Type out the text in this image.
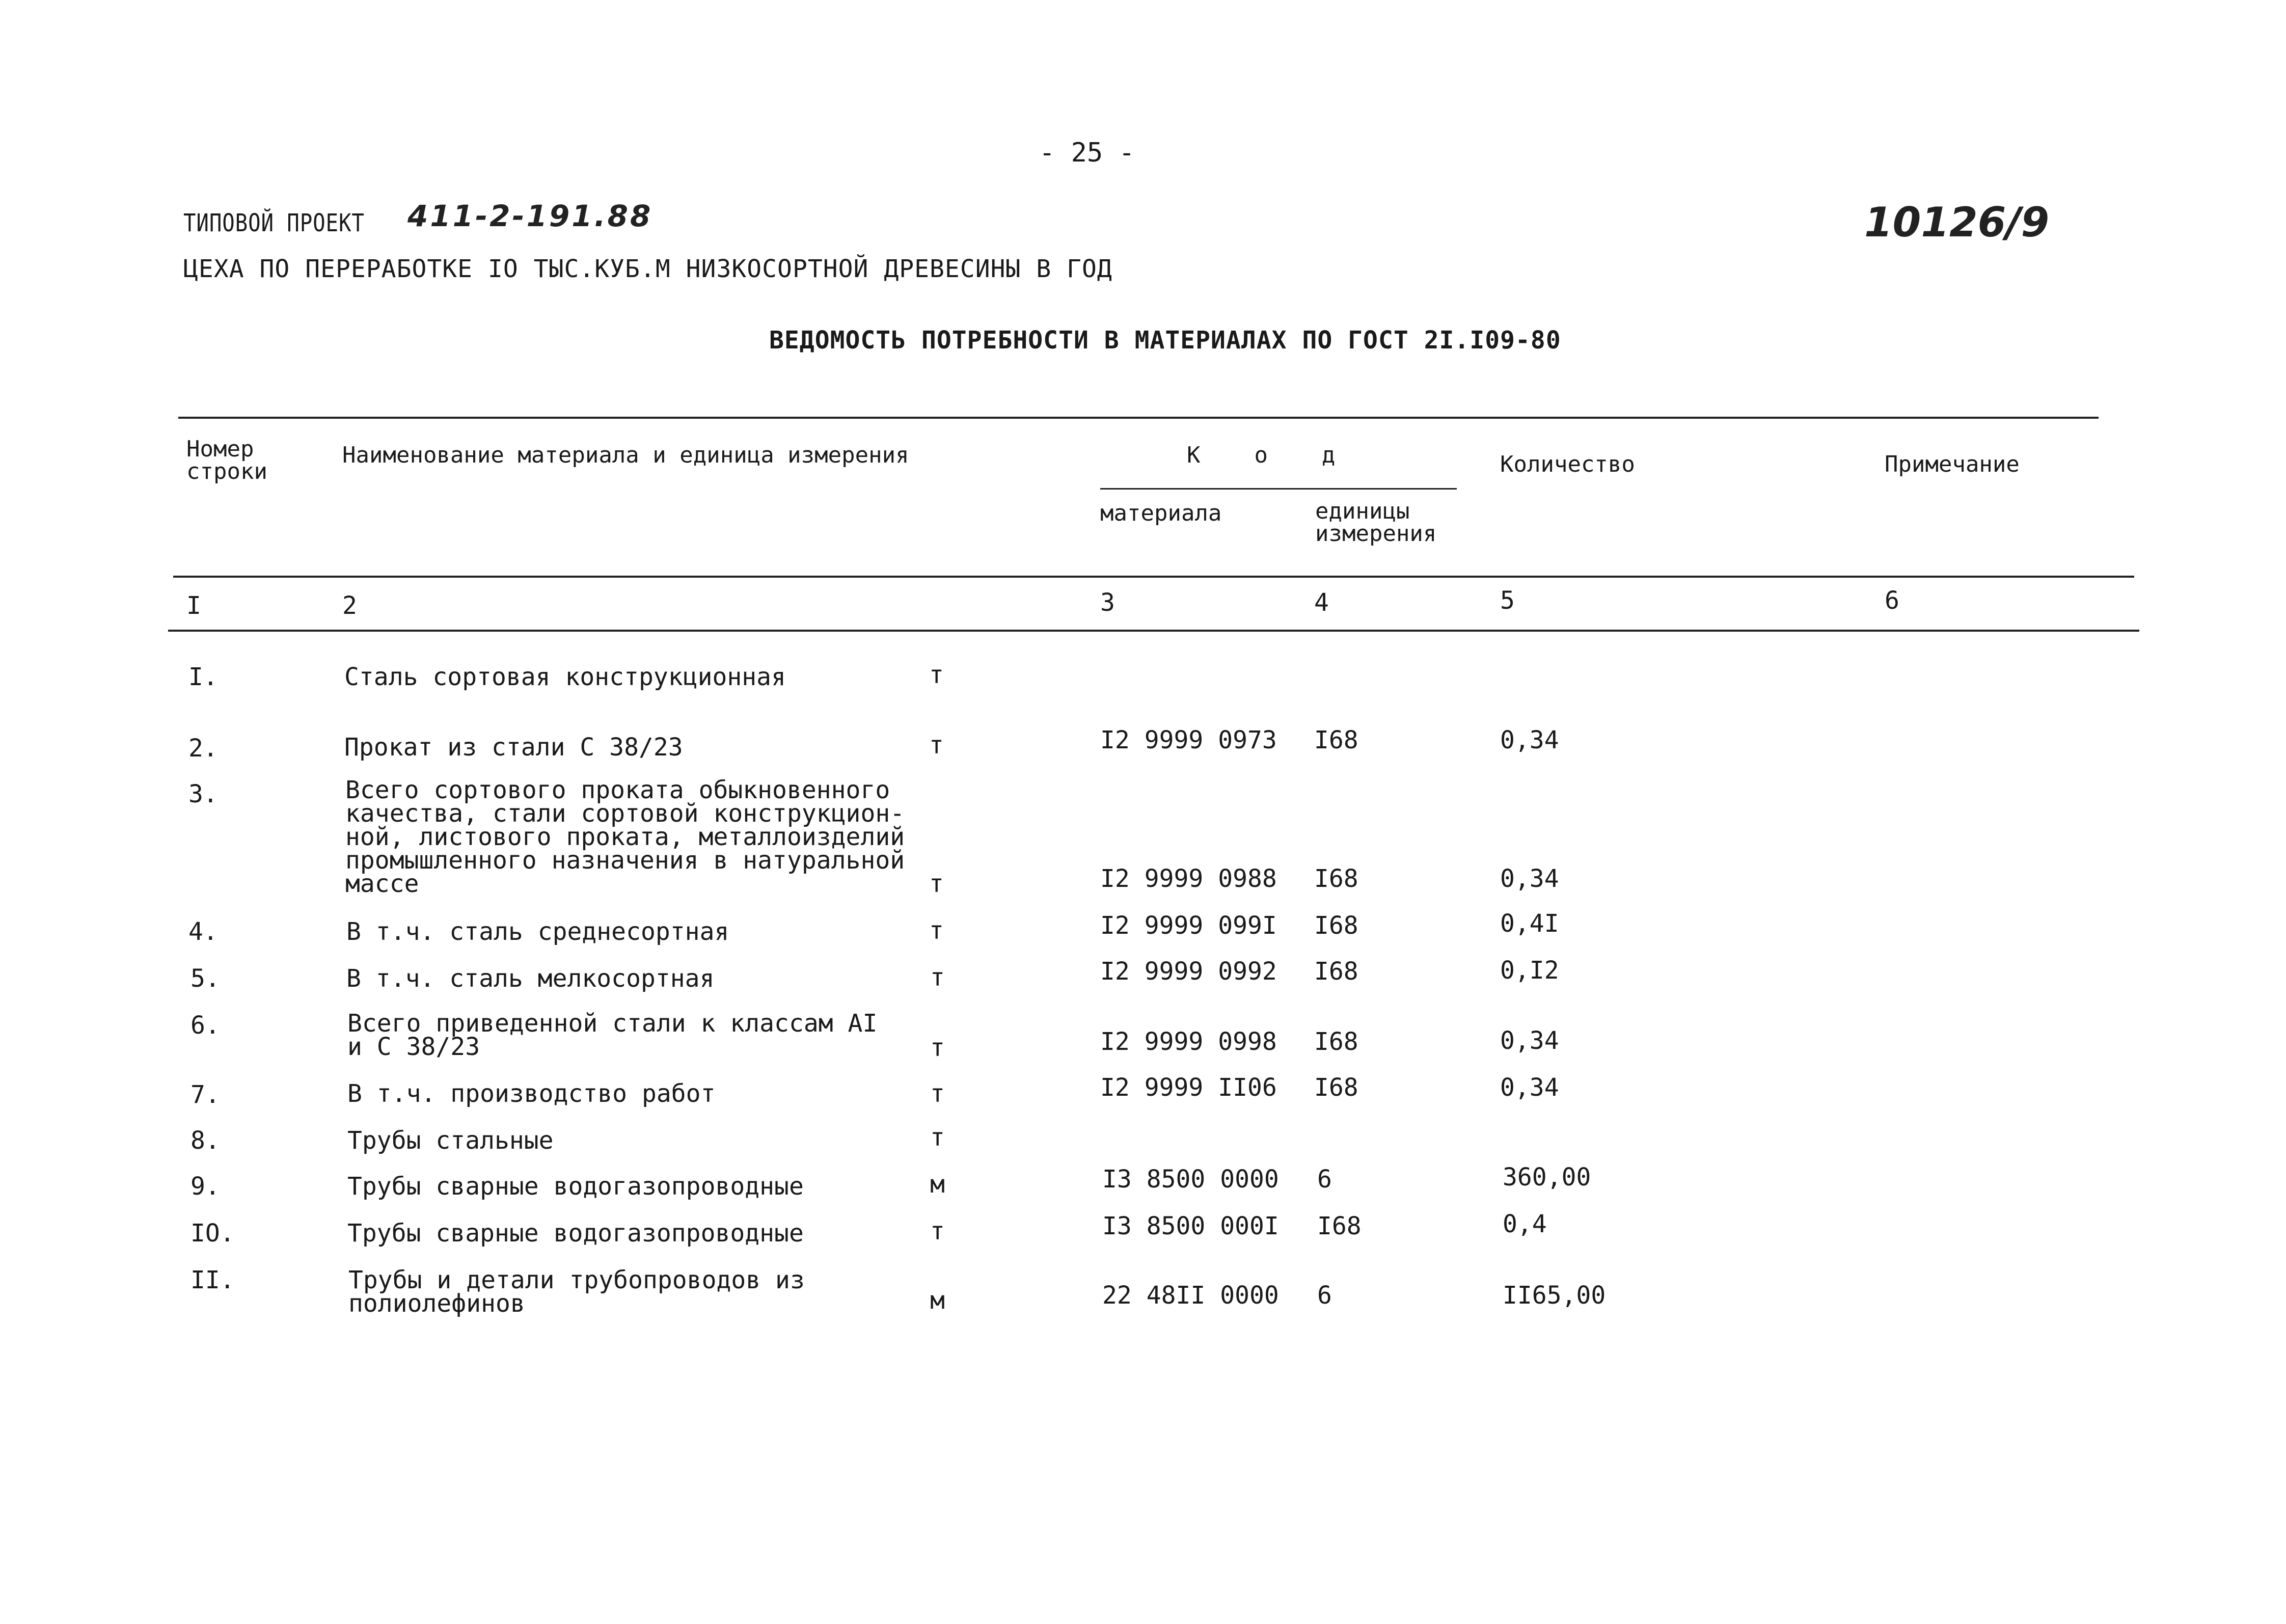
- 25 -
ТИПОВОЙ ПРОЕКТ 411-2-191.88	10126/9
ЦЕХА ПО ПЕРЕРАБОТКЕ IO ТЫС.КУБ.М НИЗКОСОРТНОЙ ДРЕВЕСИНЫ В ГОД
ВЕДОМОСТЬ ПОТРЕБНОСТИ В МАТЕРИАЛАХ ПО ГОСТ 2I.I09-80
Номер
строки
Наименование материала и единица измерения	К    о    д	Количество	Примечание
материала	единицы
измерения
I	2	3	4	5	6
I.	Сталь сортовая конструкционная	т
2.	Прокат из стали С 38/23	т	I2 9999 0973 I68	0,34
3.	Всего сортового проката обыкновенного качества, стали сортовой конструкцион-ной, листового проката, металлоизделий промышленного назначения в натуральной массе	т	I2 9999 0988 I68	0,34
4.	В т.ч. сталь среднесортная	т	I2 9999 099I I68	0,4I
5.	В т.ч. сталь мелкосортная	т	I2 9999 0992 I68	0,I2
6.	Всего приведенной стали к классам AI и С 38/23	т	I2 9999 0998 I68	0,34
7.	В т.ч. производство работ	т	I2 9999 II06 I68	0,34
8.	Трубы стальные	т
9.	Трубы сварные водогазопроводные	м	I3 8500 0000 6	360,00
IO.	Трубы сварные водогазопроводные	т	I3 8500 000I I68	0,4
II.	Трубы и детали трубопроводов из полиолефинов	м	22 48II 0000 6	II65,00
